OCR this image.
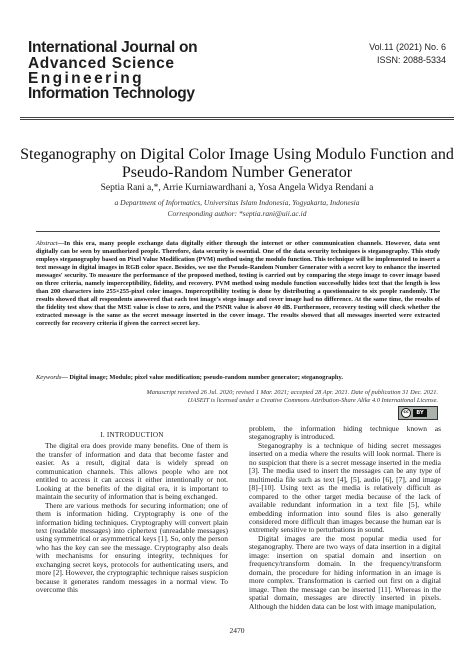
International Journal on
Advanced Science
Engineering
Information Technology
Vol.11 (2021) No. 6
ISSN: 2088-5334
Steganography on Digital Color Image Using Modulo Function and Pseudo-Random Number Generator
Septia Rani a,*, Arrie Kurniawardhani a, Yosa Angela Widya Rendani a
a Department of Informatics, Universitas Islam Indonesia, Yogyakarta, Indonesia
Corresponding author: *septia.rani@uii.ac.id
Abstract—In this era, many people exchange data digitally either through the internet or other communication channels. However, data sent digitally can be seen by unauthorized people. Therefore, data security is essential. One of the data security techniques is steganography. This study employs steganography based on Pixel Value Modification (PVM) method using the modulo function. This technique will be implemented to insert a text message in digital images in RGB color space. Besides, we use the Pseudo-Random Number Generator with a secret key to enhance the inserted messages' security. To measure the performance of the proposed method, testing is carried out by comparing the stego image to cover image based on three criteria, namely imperceptibility, fidelity, and recovery. PVM method using modulo function successfully hides text that the length is less than 200 characters into 255×255-pixel color images. Imperceptibility testing is done by distributing a questionnaire to six people randomly. The results showed that all respondents answered that each test image's stego image and cover image had no difference. At the same time, the results of the fidelity test show that the MSE value is close to zero, and the PSNR value is above 40 dB. Furthermore, recovery testing will check whether the extracted message is the same as the secret message inserted in the cover image. The results showed that all messages inserted were extracted correctly for recovery criteria if given the correct secret key.
Keywords— Digital image; Modulo; pixel value modification; pseudo-random number generator; steganography.
Manuscript received 26 Jul. 2020; revised 1 Mar. 2021; accepted 28 Apr. 2021. Date of publication 31 Dec. 2021.
IJASEIT is licensed under a Creative Commons Attribution-Share Alike 4.0 International License.
cc	BY
I. INTRODUCTION

The digital era does provide many benefits. One of them is the transfer of information and data that become faster and easier. As a result, digital data is widely spread on communication channels. This allows people who are not entitled to access it can access it either intentionally or not. Looking at the benefits of the digital era, it is important to maintain the security of information that is being exchanged.

There are various methods for securing information; one of them is information hiding. Cryptography is one of the information hiding techniques. Cryptography will convert plain text (readable messages) into ciphertext (unreadable messages) using symmetrical or asymmetrical keys [1]. So, only the person who has the key can see the message. Cryptography also deals with mechanisms for ensuring integrity, techniques for exchanging secret keys, protocols for authenticating users, and more [2]. However, the cryptographic technique raises suspicion because it generates random messages in a normal view. To overcome this

problem, the information hiding technique known as steganography is introduced.

Steganography is a technique of hiding secret messages inserted on a media where the results will look normal. There is no suspicion that there is a secret message inserted in the media [3]. The media used to insert the messages can be any type of multimedia file such as text [4], [5], audio [6], [7], and image [8]–[10]. Using text as the media is relatively difficult as compared to the other target media because of the lack of available redundant information in a text file [5], while embedding information into sound files is also generally considered more difficult than images because the human ear is extremely sensitive to perturbations in sound.

Digital images are the most popular media used for steganography. There are two ways of data insertion in a digital image: insertion on spatial domain and insertion on frequency/transform domain. In the frequency/transform domain, the procedure for hiding information in an image is more complex. Transformation is carried out first on a digital image. Then the message can be inserted [11]. Whereas in the spatial domain, messages are directly inserted in pixels. Although the hidden data can be lost with image manipulation,

2470
